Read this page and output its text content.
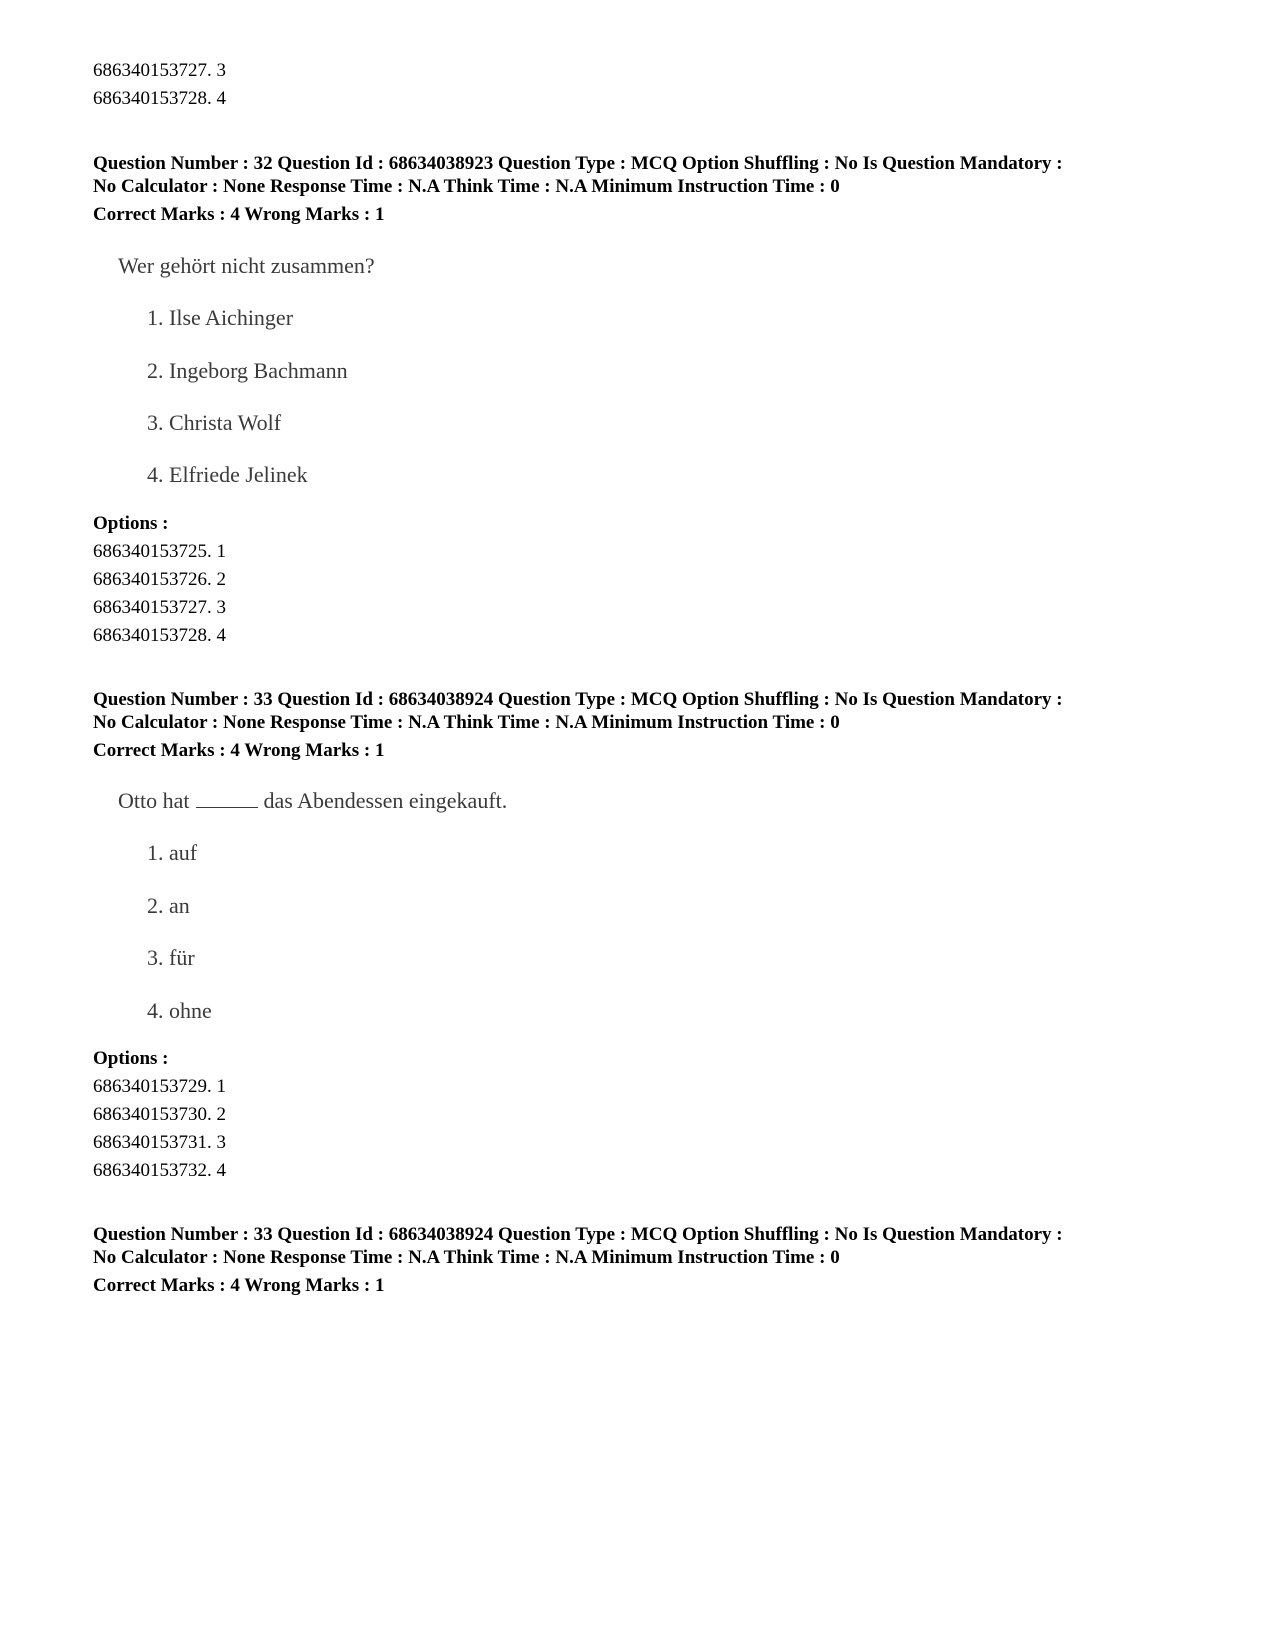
686340153727. 3
686340153728. 4
Question Number : 32 Question Id : 68634038923 Question Type : MCQ Option Shuffling : No Is Question Mandatory :
No Calculator : None Response Time : N.A Think Time : N.A Minimum Instruction Time : 0
Correct Marks : 4 Wrong Marks : 1
Wer gehört nicht zusammen?
1. Ilse Aichinger
2. Ingeborg Bachmann
3. Christa Wolf
4. Elfriede Jelinek
Options :
686340153725. 1
686340153726. 2
686340153727. 3
686340153728. 4
Question Number : 33 Question Id : 68634038924 Question Type : MCQ Option Shuffling : No Is Question Mandatory :
No Calculator : None Response Time : N.A Think Time : N.A Minimum Instruction Time : 0
Correct Marks : 4 Wrong Marks : 1
Otto hat	das Abendessen eingekauft.
1. auf
2. an
3. für
4. ohne
Options :
686340153729. 1
686340153730. 2
686340153731. 3
686340153732. 4
Question Number : 33 Question Id : 68634038924 Question Type : MCQ Option Shuffling : No Is Question Mandatory :
No Calculator : None Response Time : N.A Think Time : N.A Minimum Instruction Time : 0
Correct Marks : 4 Wrong Marks : 1
